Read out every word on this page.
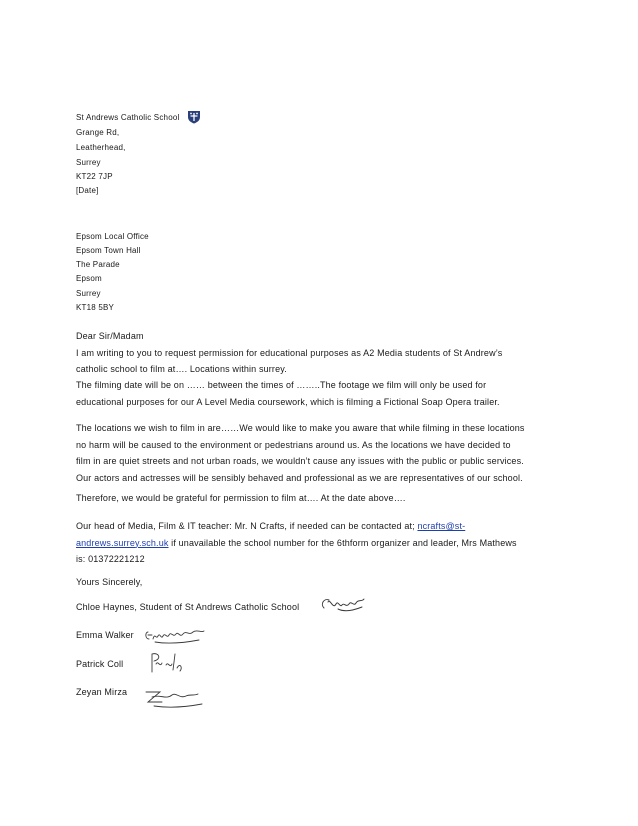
St Andrews Catholic School
Grange Rd,
Leatherhead,
Surrey
KT22 7JP
[Date]
Epsom Local Office
Epsom Town Hall
The Parade
Epsom
Surrey
KT18 5BY
Dear Sir/Madam
I am writing to you to request permission for educational purposes as A2 Media students of St Andrew’s
catholic school to film at…. Locations within surrey.
The filming date will be on …… between the times of ……..The footage we film will only be used for
educational purposes for our A Level Media coursework, which is filming a Fictional Soap Opera trailer.
The locations we wish to film in are……We would like to make you aware that while filming in these locations
no harm will be caused to the environment or pedestrians around us. As the locations we have decided to
film in are quiet streets and not urban roads, we wouldn’t cause any issues with the public or public services.
Our actors and actresses will be sensibly behaved and professional as we are representatives of our school.
Therefore, we would be grateful for permission to film at…. At the date above….
Our head of Media, Film & IT teacher: Mr. N Crafts, if needed can be contacted at; ncrafts@st-
andrews.surrey.sch.uk if unavailable the school number for the 6thform organizer and leader, Mrs Mathews
is: 01372221212
Yours Sincerely,
Chloe Haynes, Student of St Andrews Catholic School
Emma Walker
Patrick Coll
Zeyan Mirza
